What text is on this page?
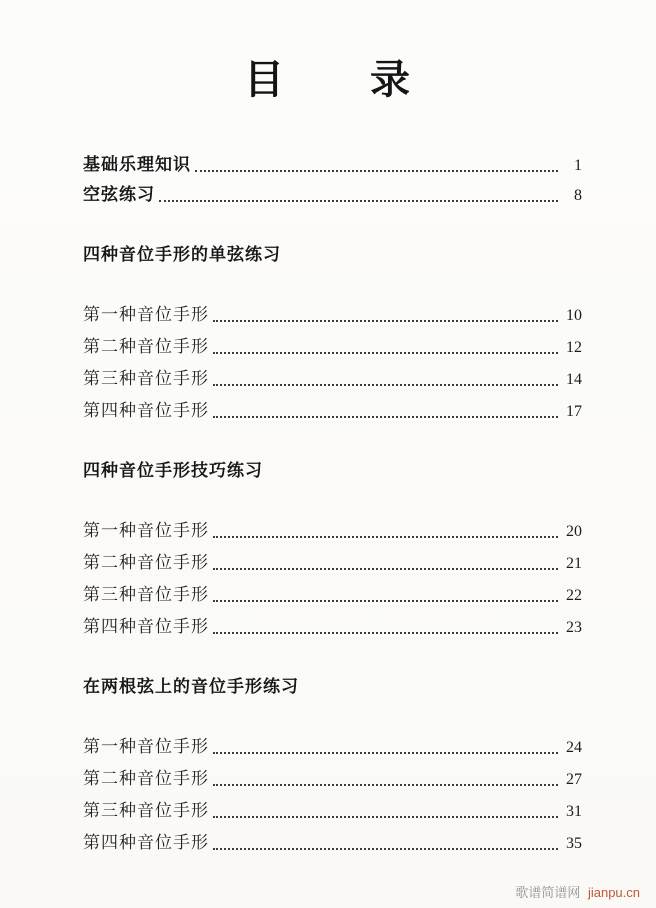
目　　录
基础乐理知识	1
空弦练习	8
四种音位手形的单弦练习
第一种音位手形	10
第二种音位手形	12
第三种音位手形	14
第四种音位手形	17
四种音位手形技巧练习
第一种音位手形	20
第二种音位手形	21
第三种音位手形	22
第四种音位手形	23
在两根弦上的音位手形练习
第一种音位手形	24
第二种音位手形	27
第三种音位手形	31
第四种音位手形	35
歌谱简谱网 jianpu.cn
